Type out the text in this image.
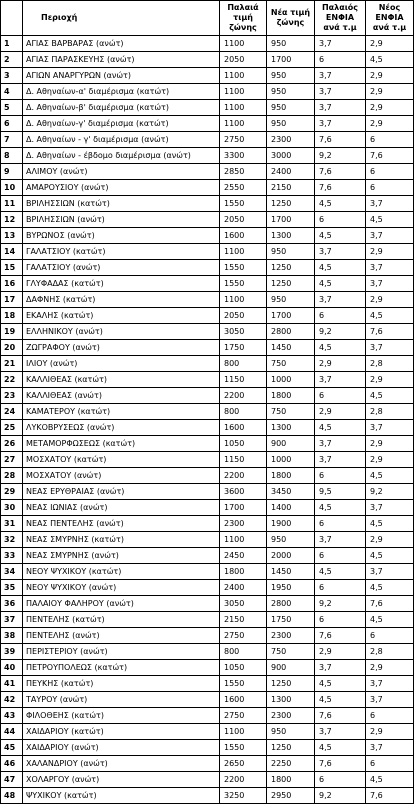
	Περιοχή	Παλαιά τιμή ζώνης	Νέα τιμή ζώνης	Παλαιός ΕΝΦΙΑ ανά τ.μ	Νέος ΕΝΦΙΑ ανά τ.μ
1	ΑΓΙΑΣ ΒΑΡΒΑΡΑΣ (ανώτ)	1100	950	3,7	2,9
2	ΑΓΙΑΣ ΠΑΡΑΣΚΕΥΗΣ (ανώτ)	2050	1700	6	4,5
3	ΑΓΙΩΝ ΑΝΑΡΓΥΡΩΝ (ανώτ)	1100	950	3,7	2,9
4	Δ. Αθηναίων-α' διαμέρισμα (κατώτ)	1100	950	3,7	2,9
5	Δ. Αθηναίων-β' διαμέρισμα (κατώτ)	1100	950	3,7	2,9
6	Δ. Αθηναίων-γ' διαμέρισμα (κατώτ)	1100	950	3,7	2,9
7	Δ. Αθηναίων - γ' διαμέρισμα (ανώτ)	2750	2300	7,6	6
8	Δ. Αθηναίων - έβδομο διαμέρισμα (ανώτ)	3300	3000	9,2	7,6
9	ΑΛΙΜΟΥ (ανώτ)	2850	2400	7,6	6
10	ΑΜΑΡΟΥΣΙΟΥ (ανώτ)	2550	2150	7,6	6
11	ΒΡΙΛΗΣΣΙΩΝ (κατώτ)	1550	1250	4,5	3,7
12	ΒΡΙΛΗΣΣΙΩΝ (ανώτ)	2050	1700	6	4,5
13	ΒΥΡΩΝΟΣ (ανώτ)	1600	1300	4,5	3,7
14	ΓΑΛΑΤΣΙΟΥ (κατώτ)	1100	950	3,7	2,9
15	ΓΑΛΑΤΣΙΟΥ (ανώτ)	1550	1250	4,5	3,7
16	ΓΛΥΦΑΔΑΣ (κατώτ)	1550	1250	4,5	3,7
17	ΔΑΦΝΗΣ (κατώτ)	1100	950	3,7	2,9
18	ΕΚΑΛΗΣ (κατώτ)	2050	1700	6	4,5
19	ΕΛΛΗΝΙΚΟΥ (ανώτ)	3050	2800	9,2	7,6
20	ΖΩΓΡΑΦΟΥ (ανώτ)	1750	1450	4,5	3,7
21	ΙΛΙΟΥ (ανώτ)	800	750	2,9	2,8
22	ΚΑΛΛΙΘΕΑΣ (κατώτ)	1150	1000	3,7	2,9
23	ΚΑΛΛΙΘΕΑΣ (ανώτ)	2200	1800	6	4,5
24	ΚΑΜΑΤΕΡΟΥ (κατώτ)	800	750	2,9	2,8
25	ΛΥΚΟΒΡΥΣΕΩΣ (ανώτ)	1600	1300	4,5	3,7
26	ΜΕΤΑΜΟΡΦΩΣΕΩΣ (κατώτ)	1050	900	3,7	2,9
27	ΜΟΣΧΑΤΟΥ (κατώτ)	1150	1000	3,7	2,9
28	ΜΟΣΧΑΤΟΥ (ανώτ)	2200	1800	6	4,5
29	ΝΕΑΣ ΕΡΥΘΡΑΙΑΣ (ανώτ)	3600	3450	9,5	9,2
30	ΝΕΑΣ ΙΩΝΙΑΣ (ανώτ)	1700	1400	4,5	3,7
31	ΝΕΑΣ ΠΕΝΤΕΛΗΣ (ανώτ)	2300	1900	6	4,5
32	ΝΕΑΣ ΣΜΥΡΝΗΣ (κατώτ)	1100	950	3,7	2,9
33	ΝΕΑΣ ΣΜΥΡΝΗΣ (ανώτ)	2450	2000	6	4,5
34	ΝΕΟΥ ΨΥΧΙΚΟΥ (κατώτ)	1800	1450	4,5	3,7
35	ΝΕΟΥ ΨΥΧΙΚΟΥ (ανώτ)	2400	1950	6	4,5
36	ΠΑΛΑΙΟΥ ΦΑΛΗΡΟΥ (ανώτ)	3050	2800	9,2	7,6
37	ΠΕΝΤΕΛΗΣ (κατώτ)	2150	1750	6	4,5
38	ΠΕΝΤΕΛΗΣ (ανώτ)	2750	2300	7,6	6
39	ΠΕΡΙΣΤΕΡΙΟΥ (ανώτ)	800	750	2,9	2,8
40	ΠΕΤΡΟΥΠΟΛΕΩΣ (κατώτ)	1050	900	3,7	2,9
41	ΠΕΥΚΗΣ (κατώτ)	1550	1250	4,5	3,7
42	ΤΑΥΡΟΥ (ανώτ)	1600	1300	4,5	3,7
43	ΦΙΛΟΘΕΗΣ (κατώτ)	2750	2300	7,6	6
44	ΧΑΙΔΑΡΙΟΥ (κατώτ)	1100	950	3,7	2,9
45	ΧΑΙΔΑΡΙΟΥ (ανώτ)	1550	1250	4,5	3,7
46	ΧΑΛΑΝΔΡΙΟΥ (ανώτ)	2650	2250	7,6	6
47	ΧΟΛΑΡΓΟΥ (ανώτ)	2200	1800	6	4,5
48	ΨΥΧΙΚΟΥ (κατώτ)	3250	2950	9,2	7,6
